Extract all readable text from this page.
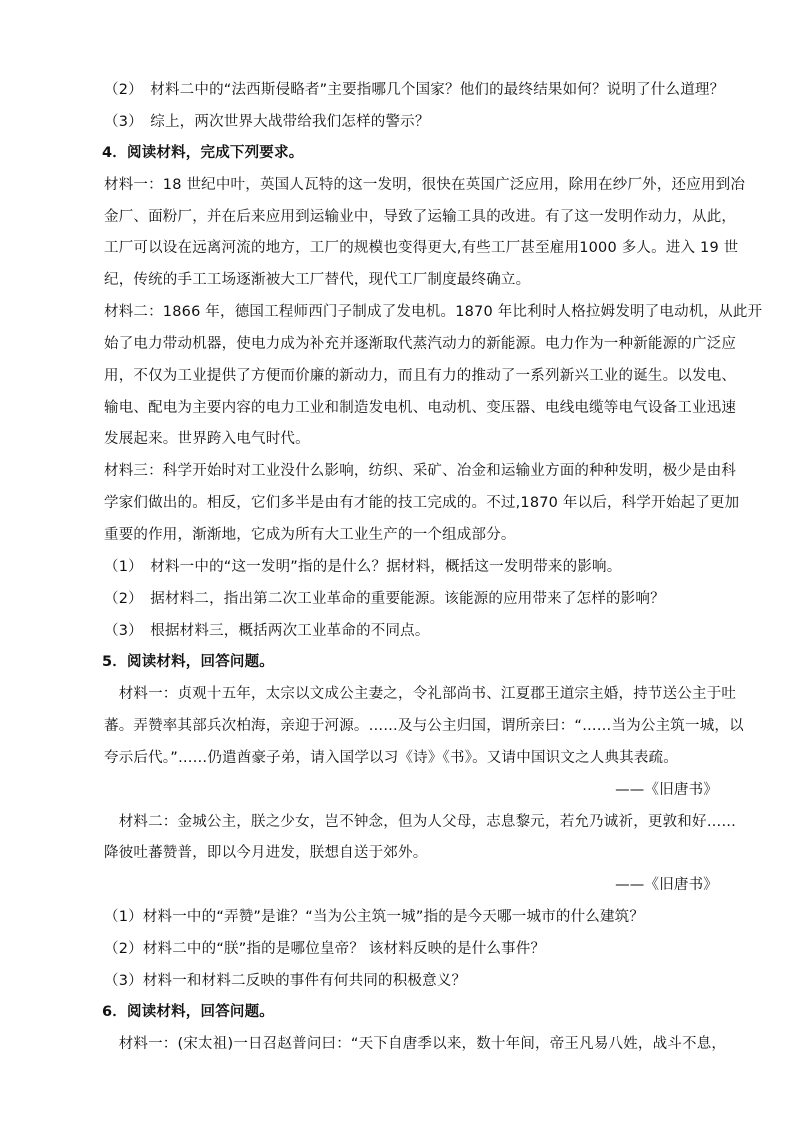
（2）　材料二中的“法西斯侵略者”主要指哪几个国家？他们的最终结果如何？说明了什么道理？
（3）　综上，两次世界大战带给我们怎样的警示？
4．阅读材料，完成下列要求。
材料一：18 世纪中叶，英国人瓦特的这一发明，很快在英国广泛应用，除用在纱厂外，还应用到冶
金厂、面粉厂，并在后来应用到运输业中，导致了运输工具的改进。有了这一发明作动力，从此，
工厂可以设在远离河流的地方，工厂的规模也变得更大,有些工厂甚至雇用1000 多人。进入 19 世
纪，传统的手工工场逐渐被大工厂替代，现代工厂制度最终确立。
材料二：1866 年，德国工程师西门子制成了发电机。1870 年比利时人格拉姆发明了电动机，从此开
始了电力带动机器，使电力成为补充并逐渐取代蒸汽动力的新能源。电力作为一种新能源的广泛应
用，不仅为工业提供了方便而价廉的新动力，而且有力的推动了一系列新兴工业的诞生。以发电、
输电、配电为主要内容的电力工业和制造发电机、电动机、变压器、电线电缆等电气设备工业迅速
发展起来。世界跨入电气时代。
材料三：科学开始时对工业没什么影响，纺织、采矿、冶金和运输业方面的种种发明，极少是由科
学家们做出的。相反，它们多半是由有才能的技工完成的。不过,1870 年以后，科学开始起了更加
重要的作用，渐渐地，它成为所有大工业生产的一个组成部分。
（1）　材料一中的“这一发明”指的是什么？据材料，概括这一发明带来的影响。
（2）　据材料二，指出第二次工业革命的重要能源。该能源的应用带来了怎样的影响？
（3）　根据材料三，概括两次工业革命的不同点。
5．阅读材料，回答问题。
　材料一：贞观十五年，太宗以文成公主妻之，令礼部尚书、江夏郡王道宗主婚，持节送公主于吐
蕃。弄赞率其部兵次柏海，亲迎于河源。……及与公主归国，谓所亲曰：“……当为公主筑一城，以
夸示后代。”……仍遣酋豪子弟，请入国学以习《诗》《书》。又请中国识文之人典其表疏。
——《旧唐书》
　材料二：金城公主，朕之少女，岂不钟念，但为人父母，志息黎元，若允乃诚祈，更敦和好……
降彼吐蕃赞普，即以今月进发，朕想自送于郊外。
——《旧唐书》
（1）材料一中的“弄赞”是谁？“当为公主筑一城”指的是今天哪一城市的什么建筑？
（2）材料二中的“朕”指的是哪位皇帝？ 该材料反映的是什么事件？
（3）材料一和材料二反映的事件有何共同的积极意义？
6．阅读材料，回答问题。
　材料一：(宋太祖)一日召赵普问曰：“天下自唐季以来，数十年间，帝王凡易八姓，战斗不息，
